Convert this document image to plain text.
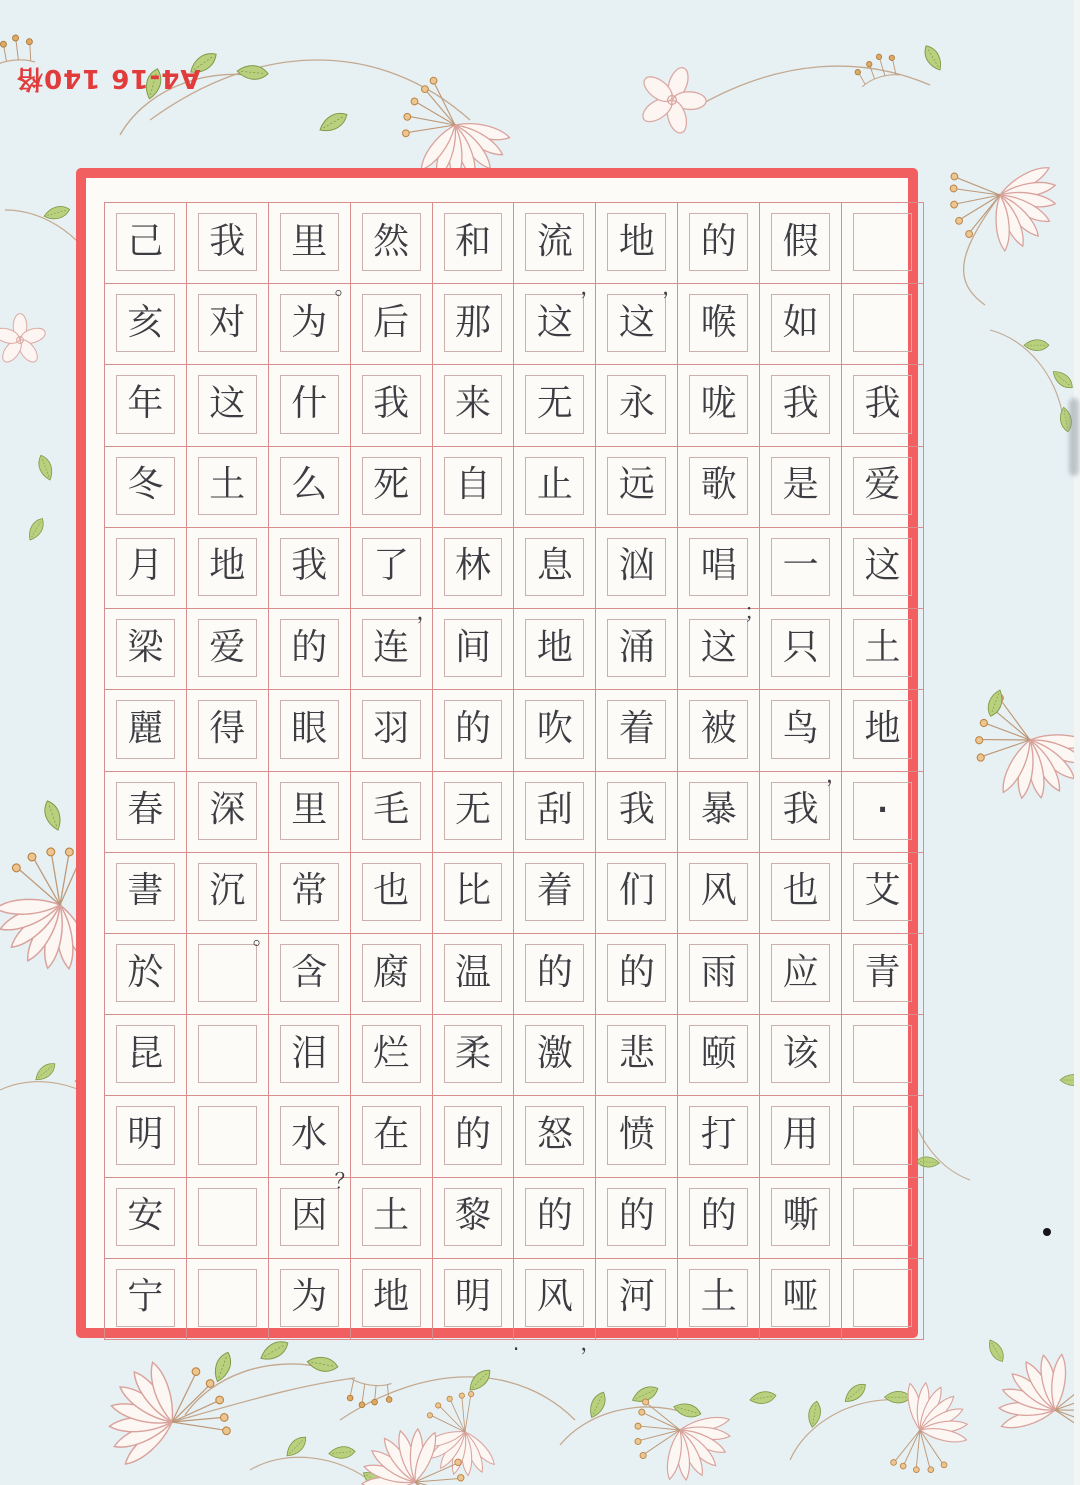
A4-16 140格
我
爱
这
土
地
·
艾
青
假
如
我
是
一
只
鸟
，
我
也
应
该
用
嘶
哑
的
喉
咙
歌
唱
；
这
被
暴
风
雨
颐
打
的
土
地
，
这
永
远
汹
涌
着
我
们
的
悲
愤
的
河
流
，
这
无
止
息
地
吹
刮
着
的
激
怒
的
风
，
和
那
来
自
林
间
的
无
比
温
柔
的
黎
明
.
然
后
我
死
了
，
连
羽
毛
也
腐
烂
在
土
地
里
。
为
什
么
我
的
眼
里
常
含
泪
水
？
因
为
我
对
这
土
地
爱
得
深
沉
。
己
亥
年
冬
月
梁
麗
春
書
於
昆
明
安
宁
